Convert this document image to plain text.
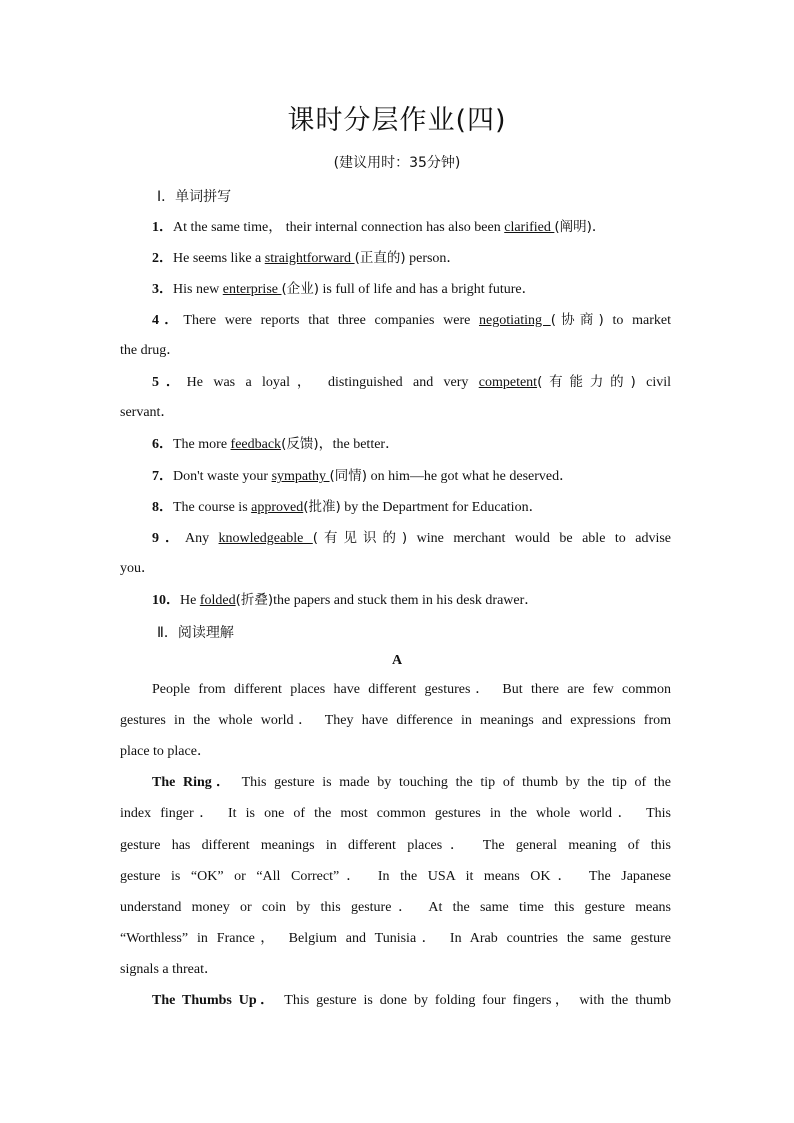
课时分层作业(四)
(建议用时：35分钟)
Ⅰ．单词拼写
1．At the same time， their internal connection has also been clarified (阐明)．
2．He seems like a straightforward (正直的) person．
3．His new enterprise (企业) is full of life and has a bright future．
4．There were reports that three companies were negotiating (协商) to market
the drug．
5．He was a loyal， distinguished and very competent(有能力的) civil
servant．
6．The more feedback(反馈)，the better．
7．Don't waste your sympathy (同情) on him—he got what he deserved．
8．The course is approved(批准) by the Department for Education．
9．Any knowledgeable (有见识的) wine merchant would be able to advise
you．
10．He folded(折叠)the papers and stuck them in his desk drawer．
Ⅱ．阅读理解
A
People from different places have different gestures． But there are few common
gestures in the whole world． They have difference in meanings and expressions from
place to place．
The Ring． This gesture is made by touching the tip of thumb by the tip of the
index finger． It is one of the most common gestures in the whole world． This
gesture has different meanings in different places． The general meaning of this
gesture is “OK” or “All Correct”． In the USA it means OK． The Japanese
understand money or coin by this gesture． At the same time this gesture means
“Worthless” in France， Belgium and Tunisia． In Arab countries the same gesture
signals a threat．
The Thumbs Up． This gesture is done by folding four fingers， with the thumb
